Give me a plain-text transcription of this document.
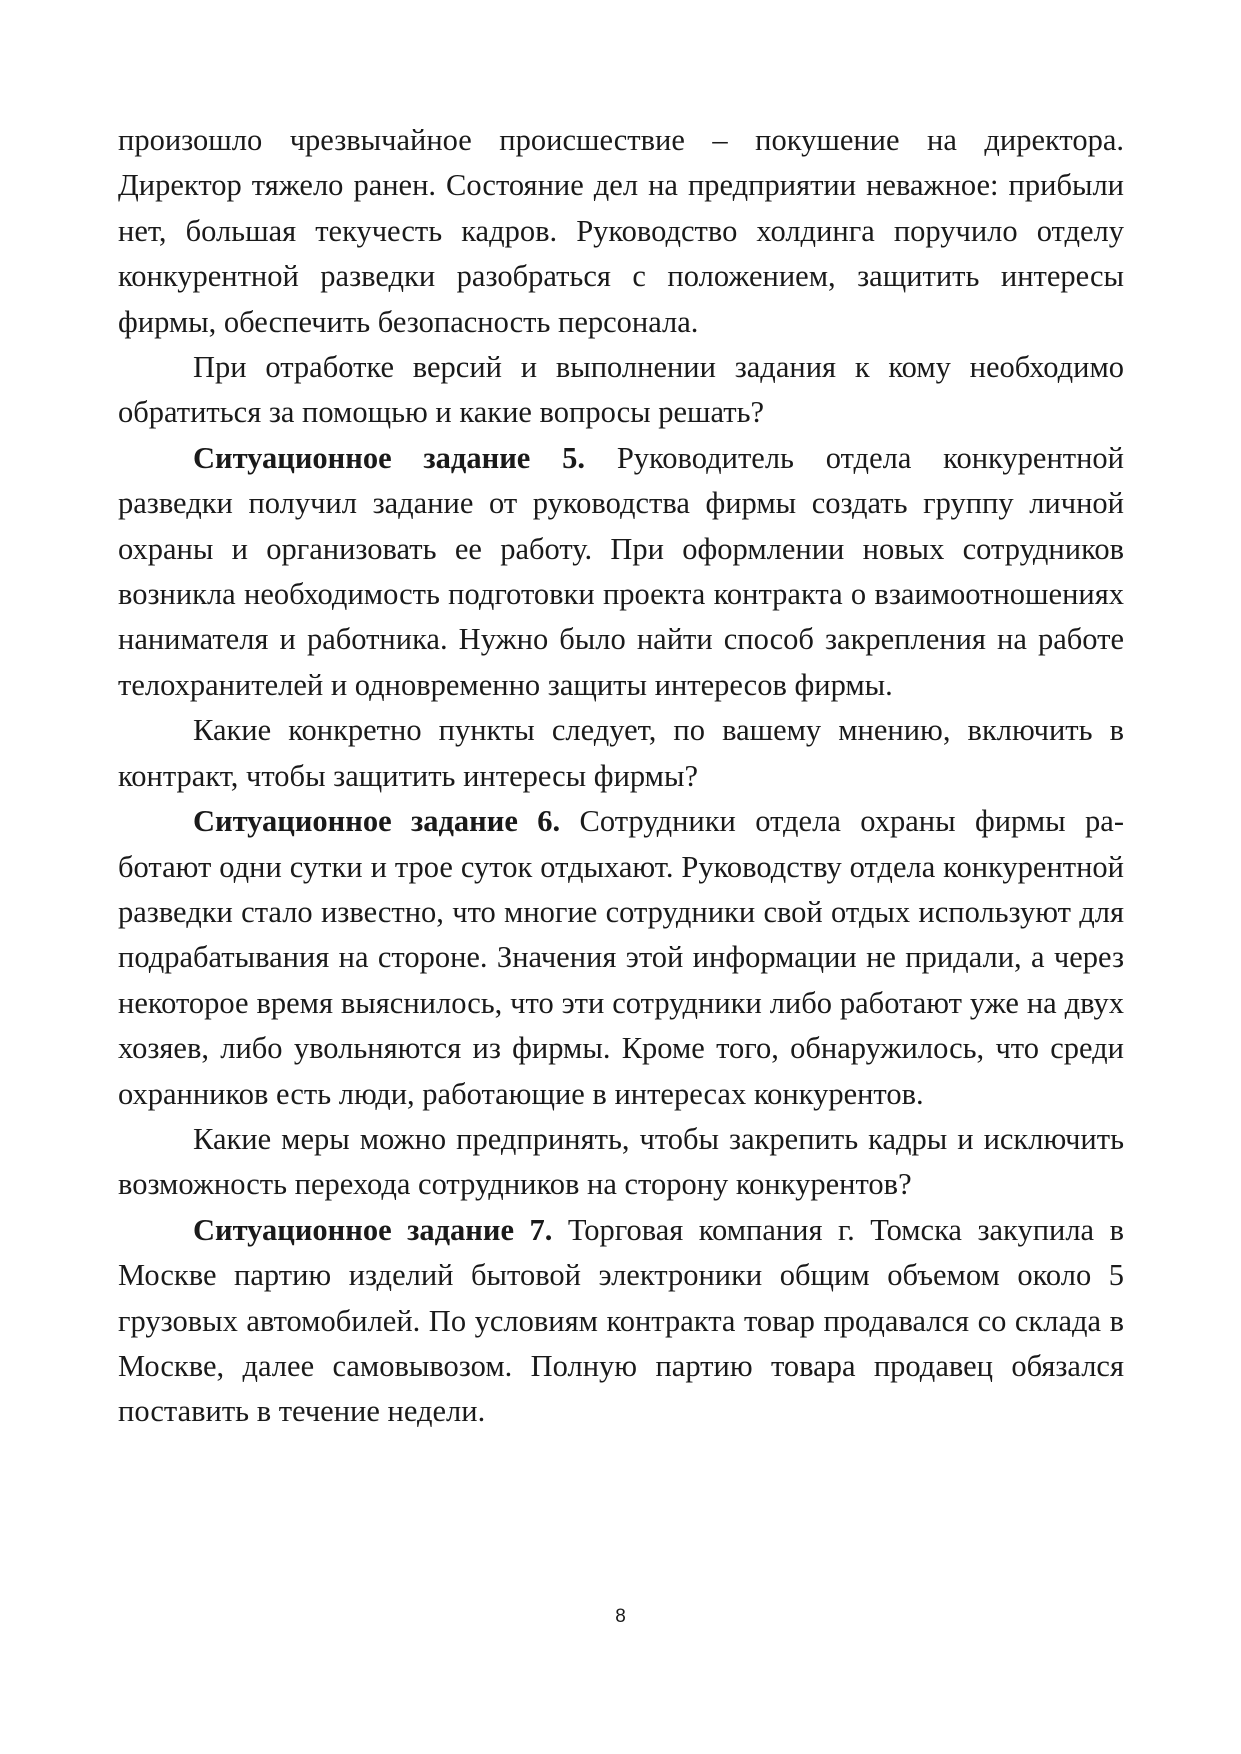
произошло чрезвычайное происшествие – покушение на директора. Директор тяжело ранен. Состояние дел на предприятии неважное: прибыли нет, большая текучесть кадров. Руководство холдинга поручило отделу конкурентной разведки разобраться с положением, защитить интересы фирмы, обеспечить безопасность персонала.

При отработке версий и выполнении задания к кому необходимо обратиться за помощью и какие вопросы решать?

Ситуационное задание 5. Руководитель отдела конкурентной разведки получил задание от руководства фирмы создать группу личной охраны и организовать ее работу. При оформлении новых сотрудников возникла необходимость подготовки проекта контракта о взаимоотношениях нанимателя и работника. Нужно было найти способ закрепления на работе телохранителей и одновременно защиты интересов фирмы.

Какие конкретно пункты следует, по вашему мнению, включить в контракт, чтобы защитить интересы фирмы?

Ситуационное задание 6. Сотрудники отдела охраны фирмы работают одни сутки и трое суток отдыхают. Руководству отдела конкурентной разведки стало известно, что многие сотрудники свой отдых используют для подрабатывания на стороне. Значения этой информации не придали, а через некоторое время выяснилось, что эти сотрудники либо работают уже на двух хозяев, либо увольняются из фирмы. Кроме того, обнаружилось, что среди охранников есть люди, работающие в интересах конкурентов.

Какие меры можно предпринять, чтобы закрепить кадры и исключить возможность перехода сотрудников на сторону конкурентов?

Ситуационное задание 7. Торговая компания г. Томска закупила в Москве партию изделий бытовой электроники общим объемом около 5 грузовых автомобилей. По условиям контракта товар продавался со склада в Москве, далее самовывозом. Полную партию товара продавец обязался поставить в течение недели.

8
